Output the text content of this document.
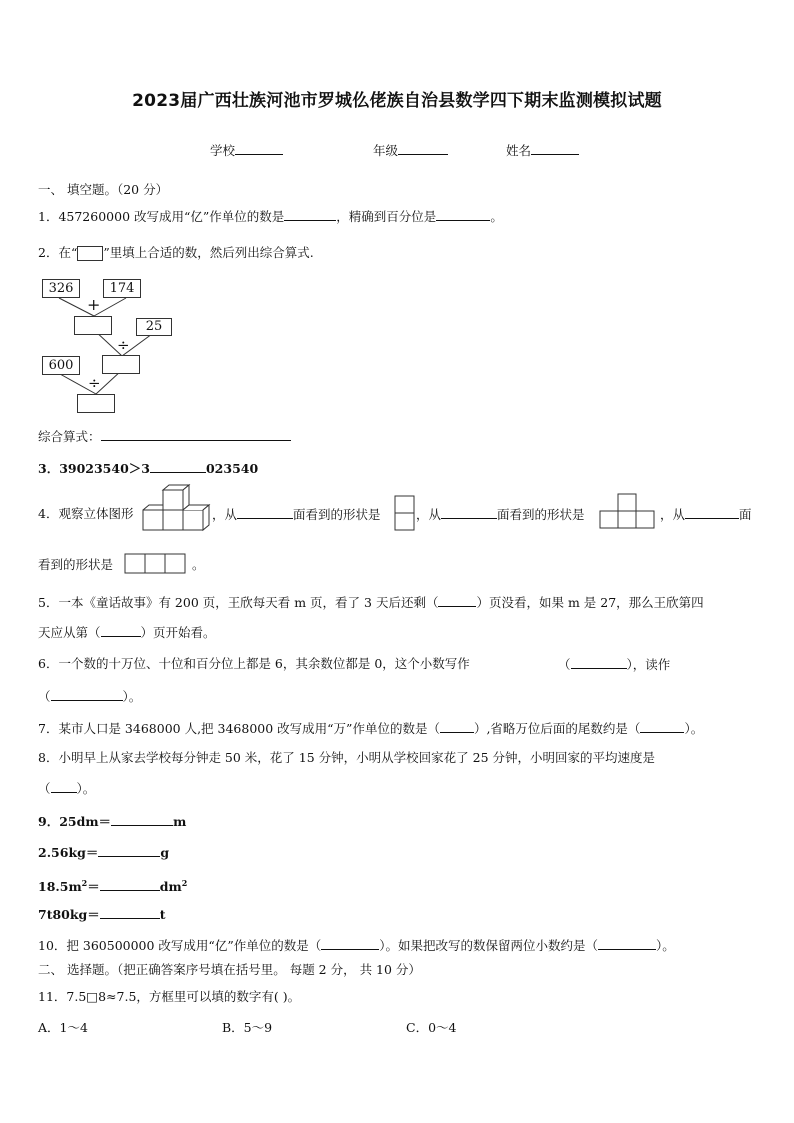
2023届广西壮族河池市罗城仫佬族自治县数学四下期末监测模拟试题
学校	年级	姓名
一、 填空题。（20 分）
1．457260000 改写成用“亿”作单位的数是	，精确到百分位是	。
2．在“ ”里填上合适的数，然后列出综合算式.
326	174
+
25
÷
600
÷
综合算式：
3．39023540＞3	023540
4．观察立体图形	，从	面看到的形状是	，从	面看到的形状是	，从	面
看到的形状是	。
5．一本《童话故事》有 200 页，王欣每天看 m 页，看了 3 天后还剩（	）页没看，如果 m 是 27，那么王欣第四
天应从第（	）页开始看。
6．一个数的十万位、十位和百分位上都是 6，其余数位都是 0，这个小数写作	（	），读作
（	）。
7．某市人口是 3468000 人,把 3468000 改写成用“万”作单位的数是（	）,省略万位后面的尾数约是（	）。
8．小明早上从家去学校每分钟走 50 米，花了 15 分钟，小明从学校回家花了 25 分钟，小明回家的平均速度是
（ ）。
9．25dm＝	m
2.56kg＝	g
$18.5m^2=$	$dm^2$
7t80kg＝	t
10．把 360500000 改写成用“亿”作单位的数是（	）。如果把改写的数保留两位小数约是（	）。
二、 选择题。（把正确答案序号填在括号里。 每题 2 分， 共 10 分）
11．7.5□8≈7.5，方框里可以填的数字有( )。
A．1～4	B．5～9	C．0～4
